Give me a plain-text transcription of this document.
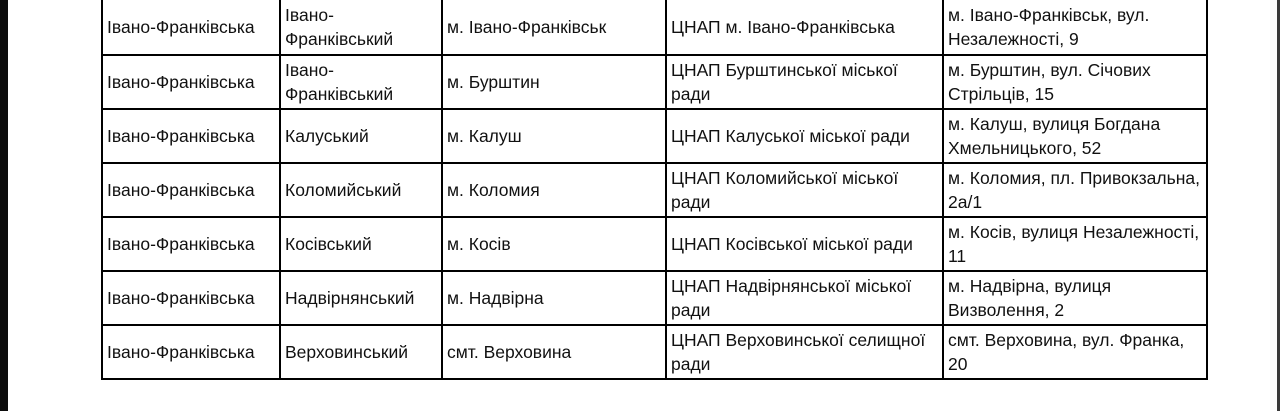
Івано-Франківська	Івано-Франківський	м. Івано-Франківськ	ЦНАП м. Івано-Франківська	м. Івано-Франківськ, вул. Незалежності, 9
Івано-Франківська	Івано-Франківський	м. Бурштин	ЦНАП Бурштинської міської ради	м. Бурштин, вул. Січових Стрільців, 15
Івано-Франківська	Калуський	м. Калуш	ЦНАП Калуської міської ради	м. Калуш, вулиця Богдана Хмельницького, 52
Івано-Франківська	Коломийський	м. Коломия	ЦНАП Коломийської міської ради	м. Коломия, пл. Привокзальна, 2а/1
Івано-Франківська	Косівський	м. Косів	ЦНАП Косівської міської ради	м. Косів, вулиця Незалежності, 11
Івано-Франківська	Надвірнянський	м. Надвірна	ЦНАП Надвірнянської міської ради	м. Надвірна, вулиця Визволення, 2
Івано-Франківська	Верховинський	смт. Верховина	ЦНАП Верховинської селищної ради	смт. Верховина, вул. Франка, 20
